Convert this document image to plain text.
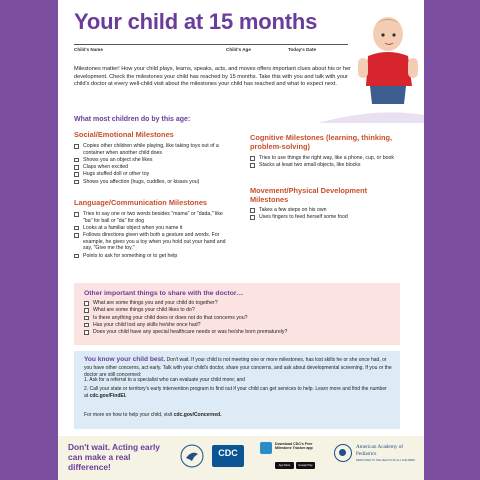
Your child at 15 months
Child's Name	Child's Age	Today's Date
Milestones matter! How your child plays, learns, speaks, acts, and moves offers important clues about his or her development. Check the milestones your child has reached by 15 months. Take this with you and talk with your child's doctor at every well-child visit about the milestones your child has reached and what to expect next.
What most children do by this age:
Social/Emotional Milestones
Copies other children while playing, like taking toys out of a container when another child does
Shows you an object she likes
Claps when excited
Hugs stuffed doll or other toy
Shows you affection (hugs, cuddles, or kisses you)
Language/Communication Milestones
Tries to say one or two words besides "mama" or "dada," like "ba" for ball or "da" for dog
Looks at a familiar object when you name it
Follows directions given with both a gesture and words. For example, he gives you a toy when you hold out your hand and say, "Give me the toy."
Points to ask for something or to get help
Cognitive Milestones (learning, thinking, problem-solving)
Tries to use things the right way, like a phone, cup, or book
Stacks at least two small objects, like blocks
Movement/Physical Development Milestones
Takes a few steps on his own
Uses fingers to feed herself some food
Other important things to share with the doctor…
What are some things you and your child do together?
What are some things your child likes to do?
Is there anything your child does or does not do that concerns you?
Has your child lost any skills he/she once had?
Does your child have any special healthcare needs or was he/she born prematurely?
You know your child best. Don't wait. If your child is not meeting one or more milestones, has lost skills he or she once had, or you have other concerns, act early. Talk with your child's doctor, share your concerns, and ask about developmental screening. If you or the doctor are still concerned:
1. Ask for a referral to a specialist who can evaluate your child more; and
2. Call your state or territory's early intervention program to find out if your child can get services to help. Learn more and find the number at cdc.gov/FindEI.
For more on how to help your child, visit cdc.gov/Concerned.
Don't wait. Acting early can make a real difference!
CDC
Download CDC's Free Milestone Tracker app
App Store	Google Play
American Academy of Pediatrics
DEDICATED TO THE HEALTH OF ALL CHILDREN
